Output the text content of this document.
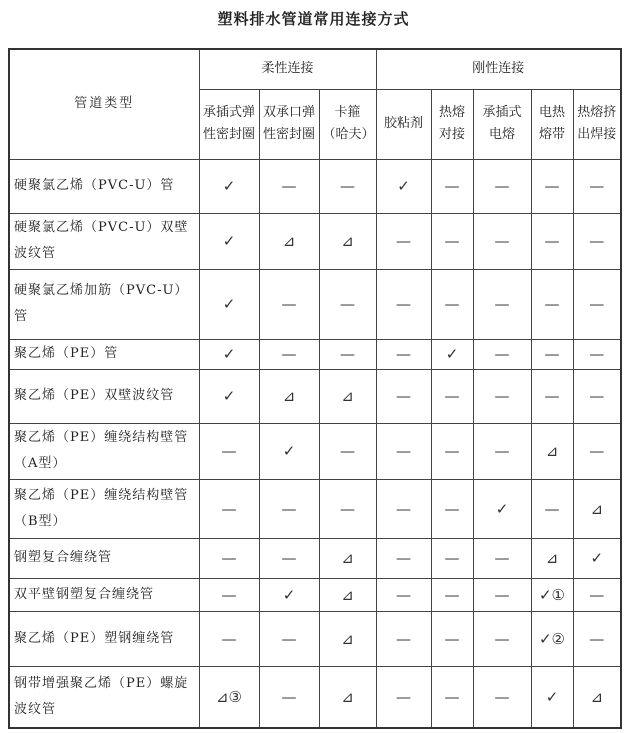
塑料排水管道常用连接方式
管道类型	柔性连接			刚性连接				
	承插式弹性密封圈	双承口弹性密封圈	卡箍（哈夫）	胶粘剂	热熔对接	承插式电熔	电热熔带	热熔挤出焊接
硬聚氯乙烯（PVC-U）管	✓	—	—	✓	—	—	—	—
硬聚氯乙烯（PVC-U）双壁波纹管	✓	⊿	⊿	—	—	—	—	—
硬聚氯乙烯加筋（PVC-U）管	✓	—	—	—	—	—	—	—
聚乙烯（PE）管	✓	—	—	—	✓	—	—	—
聚乙烯（PE）双壁波纹管	✓	⊿	⊿	—	—	—	—	—
聚乙烯（PE）缠绕结构壁管（A型）	—	✓	—	—	—	—	⊿	—
聚乙烯（PE）缠绕结构壁管（B型）	—	—	—	—	—	✓	—	⊿
钢塑复合缠绕管	—	—	⊿	—	—	—	⊿	✓
双平壁钢塑复合缠绕管	—	✓	⊿	—	—	—	✓①	—
聚乙烯（PE）塑钢缠绕管	—	—	⊿	—	—	—	✓②	—
钢带增强聚乙烯（PE）螺旋波纹管	⊿③	—	⊿	—	—	—	✓	⊿
